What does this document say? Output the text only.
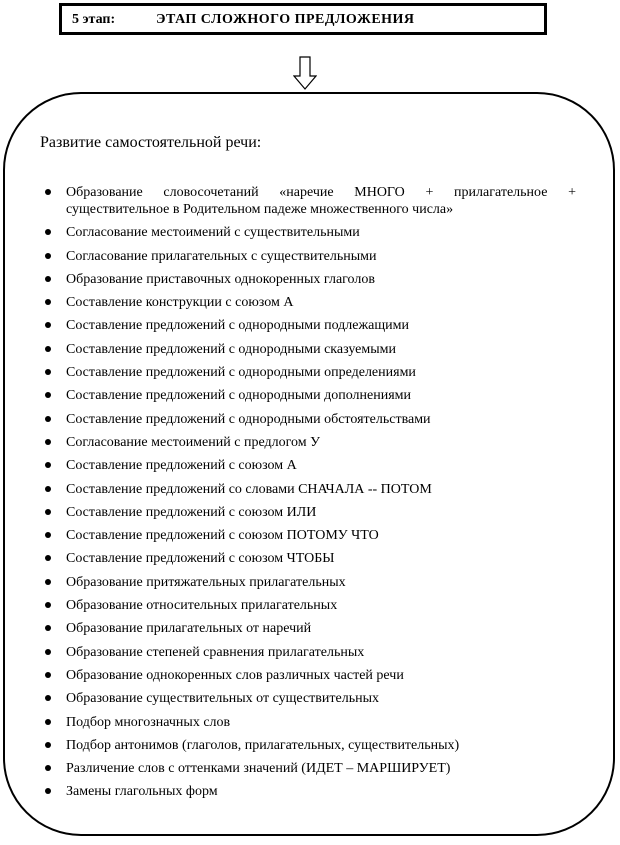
5 этап:	ЭТАП СЛОЖНОГО ПРЕДЛОЖЕНИЯ
Развитие самостоятельной речи:
Образование словосочетаний «наречие МНОГО + прилагательное + существительное в Родительном падеже множественного числа»
Согласование местоимений с существительными
Согласование прилагательных с существительными
Образование приставочных однокоренных глаголов
Составление конструкции с союзом А
Составление предложений с однородными подлежащими
Составление предложений с однородными сказуемыми
Составление предложений с однородными определениями
Составление предложений с однородными дополнениями
Составление предложений с однородными обстоятельствами
Согласование местоимений с предлогом У
Составление предложений с союзом А
Составление предложений со словами СНАЧАЛА -- ПОТОМ
Составление предложений с союзом ИЛИ
Составление предложений с союзом ПОТОМУ ЧТО
Составление предложений с союзом ЧТОБЫ
Образование притяжательных прилагательных
Образование относительных прилагательных
Образование прилагательных от наречий
Образование степеней сравнения прилагательных
Образование однокоренных слов различных частей речи
Образование существительных от существительных
Подбор многозначных слов
Подбор антонимов (глаголов, прилагательных, существительных)
Различение слов с оттенками значений (ИДЕТ – МАРШИРУЕТ)
Замены глагольных форм
